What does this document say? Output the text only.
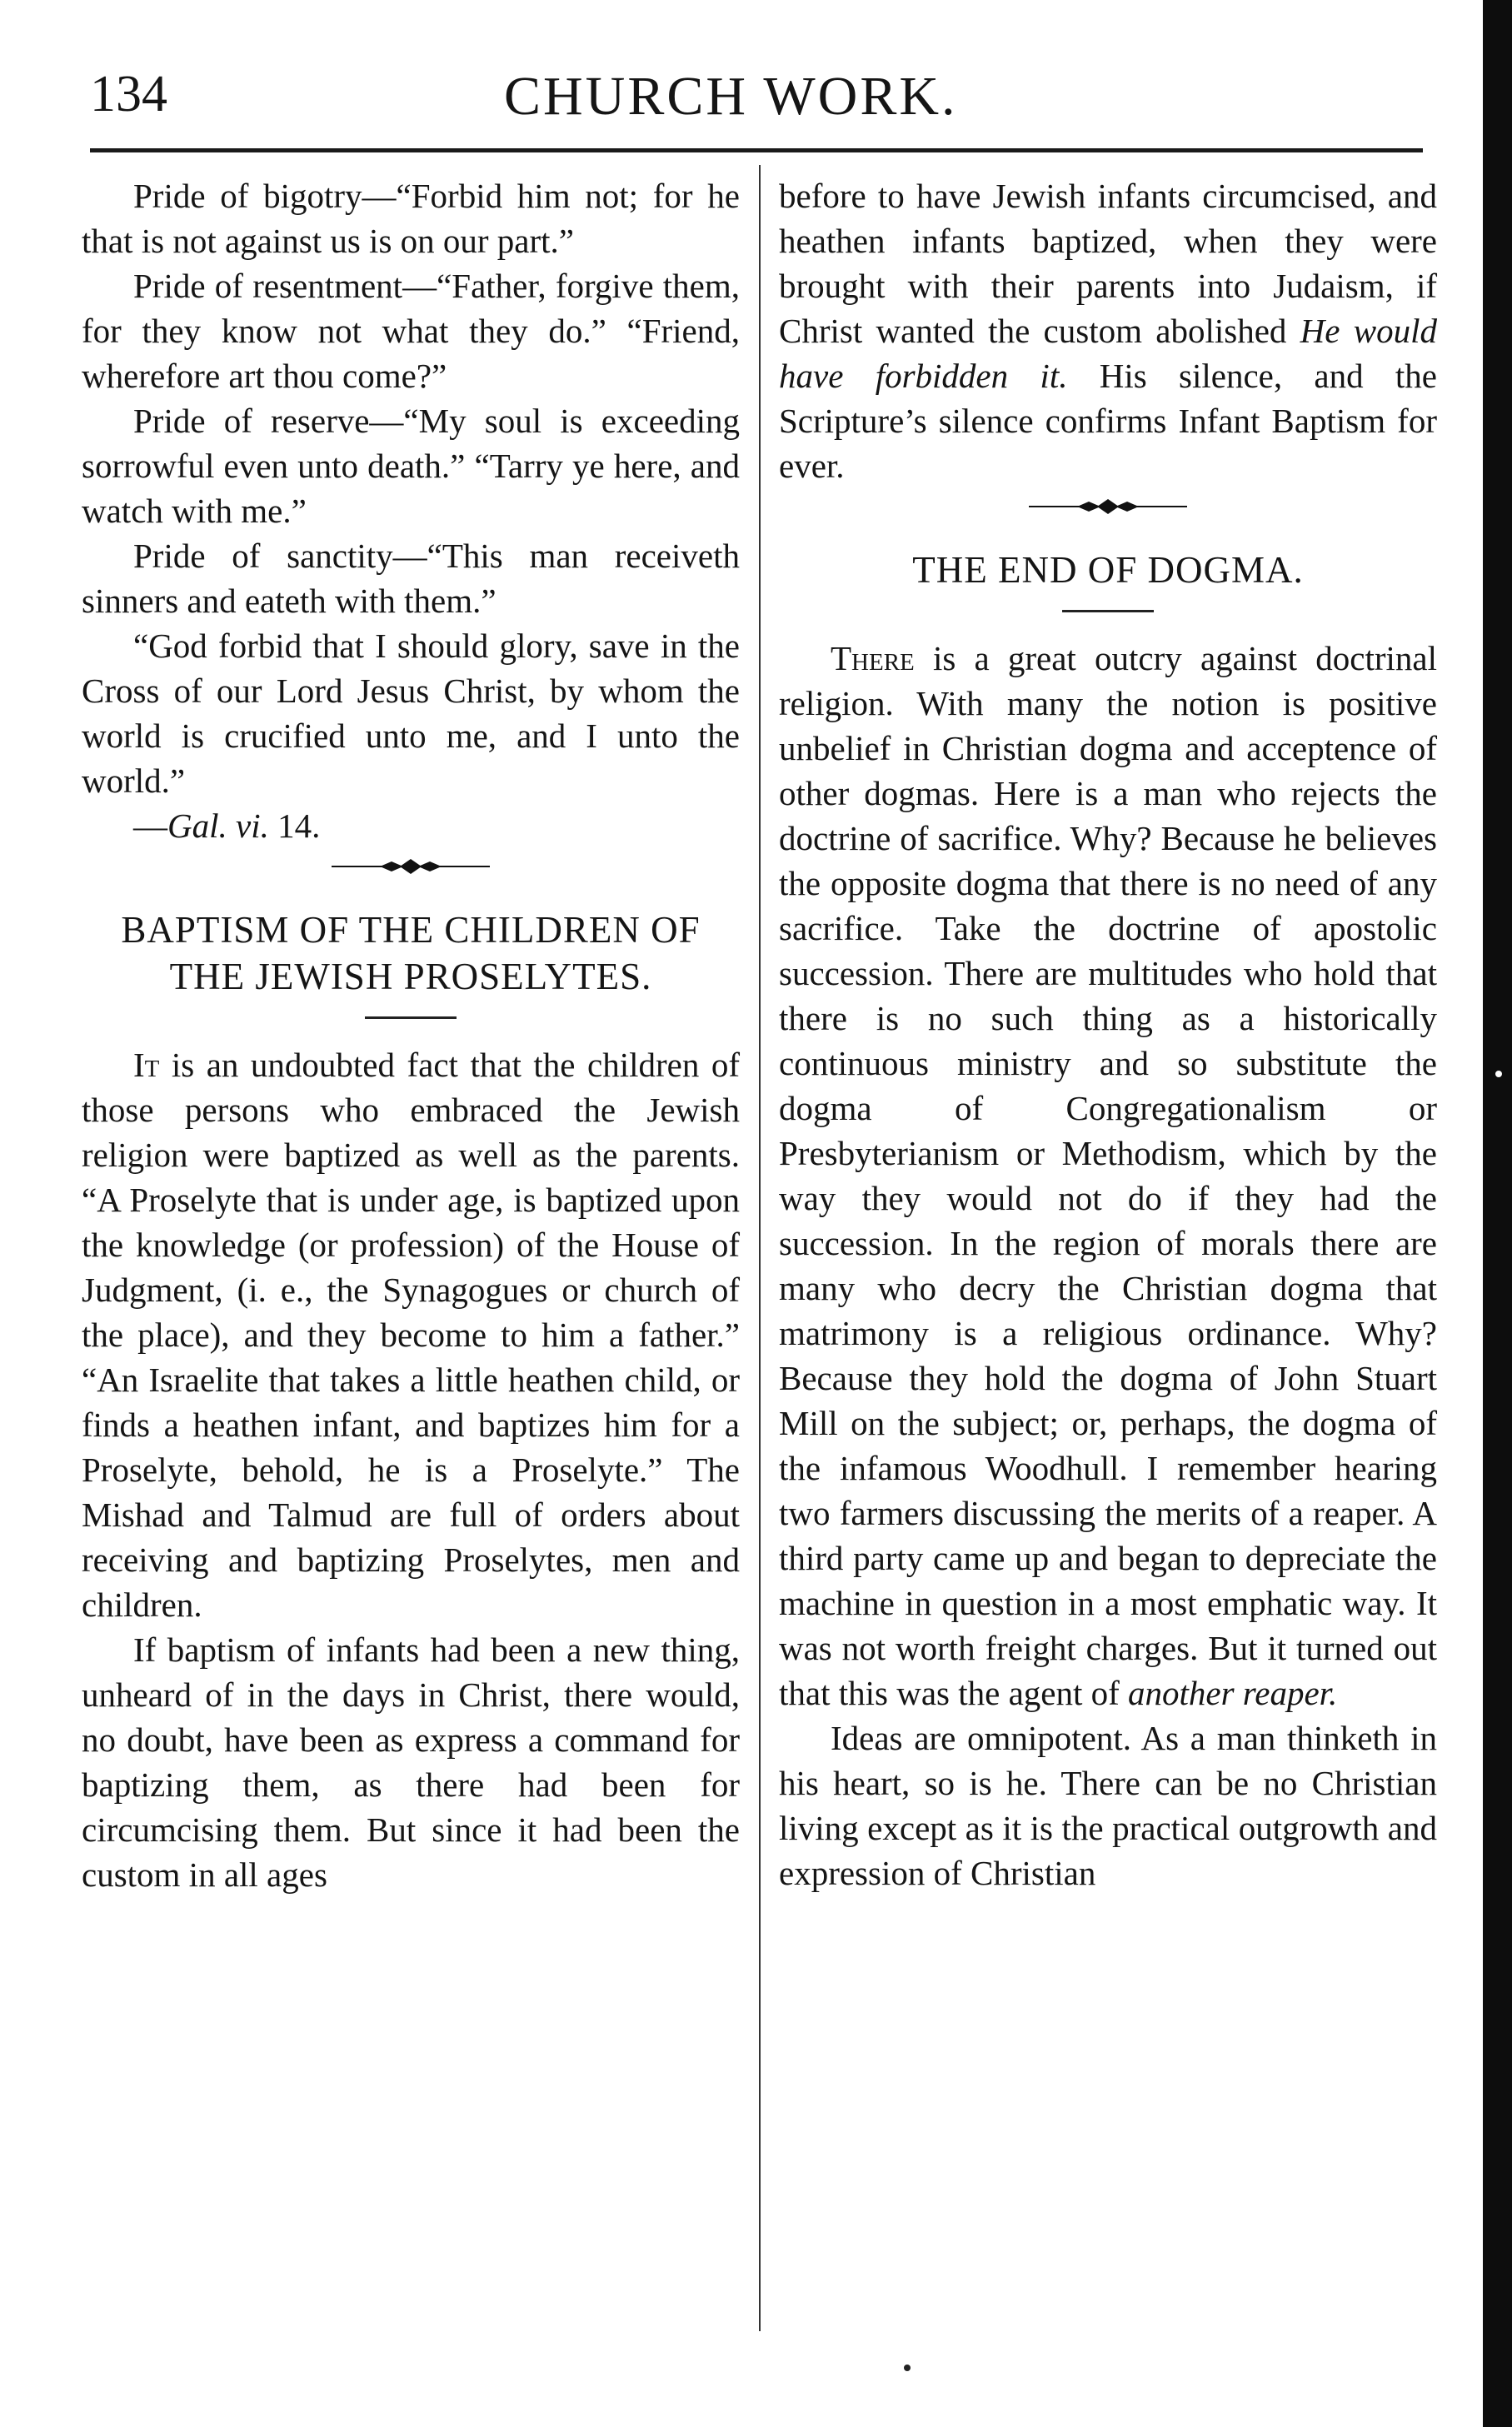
134	CHURCH WORK.

Pride of bigotry—“Forbid him not; for he that is not against us is on our part.”

Pride of resentment—“Father, forgive them, for they know not what they do.” “Friend, wherefore art thou come?”

Pride of reserve—“My soul is exceeding sorrowful even unto death.” “Tarry ye here, and watch with me.”

Pride of sanctity—“This man receiveth sinners and eateth with them.”

“God forbid that I should glory, save in the Cross of our Lord Jesus Christ, by whom the world is crucified unto me, and I unto the world.”

—Gal. vi. 14.

BAPTISM OF THE CHILDREN OF THE JEWISH PROSELYTES.

It is an undoubted fact that the children of those persons who embraced the Jewish religion were baptized as well as the parents. “A Proselyte that is under age, is baptized upon the knowledge (or profession) of the House of Judgment, (i. e., the Synagogues or church of the place), and they become to him a father.” “An Israelite that takes a little heathen child, or finds a heathen infant, and baptizes him for a Proselyte, behold, he is a Proselyte.” The Mishad and Talmud are full of orders about receiving and baptizing Proselytes, men and children.

If baptism of infants had been a new thing, unheard of in the days in Christ, there would, no doubt, have been as express a command for baptizing them, as there had been for circumcising them. But since it had been the custom in all ages

before to have Jewish infants circumcised, and heathen infants baptized, when they were brought with their parents into Judaism, if Christ wanted the custom abolished He would have forbidden it. His silence, and the Scripture’s silence confirms Infant Baptism for ever.

THE END OF DOGMA.

There is a great outcry against doctrinal religion. With many the notion is positive unbelief in Christian dogma and acceptence of other dogmas. Here is a man who rejects the doctrine of sacrifice. Why? Because he believes the opposite dogma that there is no need of any sacrifice. Take the doctrine of apostolic succession. There are multitudes who hold that there is no such thing as a historically continuous ministry and so substitute the dogma of Congregationalism or Presbyterianism or Methodism, which by the way they would not do if they had the succession. In the region of morals there are many who decry the Christian dogma that matrimony is a religious ordinance. Why? Because they hold the dogma of John Stuart Mill on the subject; or, perhaps, the dogma of the infamous Woodhull. I remember hearing two farmers discussing the merits of a reaper. A third party came up and began to depreciate the machine in question in a most emphatic way. It was not worth freight charges. But it turned out that this was the agent of another reaper.

Ideas are omnipotent. As a man thinketh in his heart, so is he. There can be no Christian living except as it is the practical outgrowth and expression of Christian
